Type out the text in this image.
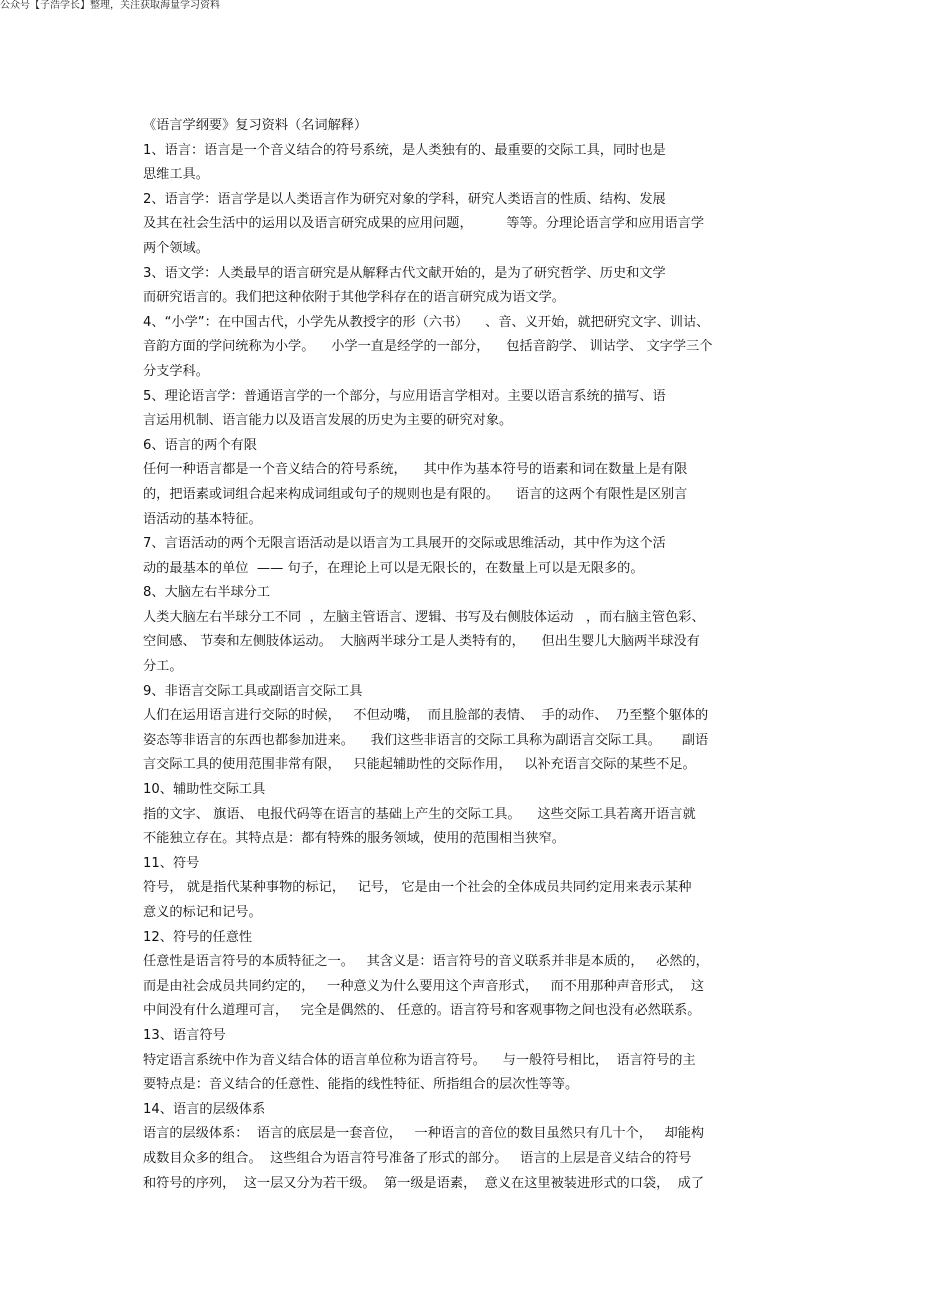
公众号【子浩学长】整理，关注获取海量学习资料
《语言学纲要》复习资料（名词解释）

1、语言：语言是一个音义结合的符号系统，是人类独有的、最重要的交际工具，同时也是

思维工具。

2、语言学：语言学是以人类语言作为研究对象的学科，研究人类语言的性质、结构、发展

及其在社会生活中的运用以及语言研究成果的应用问题，        等等。分理论语言学和应用语言学

两个领域。

3、语文学：人类最早的语言研究是从解释古代文献开始的，是为了研究哲学、历史和文学

而研究语言的。我们把这种依附于其他学科存在的语言研究成为语文学。

4、“小学”：在中国古代，小学先从教授字的形（六书）    、音、义开始，就把研究文字、训诂、

音韵方面的学问统称为小学。    小学一直是经学的一部分，    包括音韵学、 训诂学、 文字学三个

分支学科。

5、理论语言学：普通语言学的一个部分，与应用语言学相对。主要以语言系统的描写、语

言运用机制、语言能力以及语言发展的历史为主要的研究对象。

6、语言的两个有限

任何一种语言都是一个音义结合的符号系统，    其中作为基本符号的语素和词在数量上是有限

的，把语素或词组合起来构成词组或句子的规则也是有限的。    语言的这两个有限性是区别言

语活动的基本特征。

7、言语活动的两个无限言语活动是以语言为工具展开的交际或思维活动，其中作为这个活

动的最基本的单位  —— 句子，在理论上可以是无限长的，在数量上可以是无限多的。

8、大脑左右半球分工

人类大脑左右半球分工不同  ，左脑主管语言、逻辑、书写及右侧肢体运动   ，而右脑主管色彩、

空间感、 节奏和左侧肢体运动。  大脑两半球分工是人类特有的，    但出生婴儿大脑两半球没有

分工。

9、非语言交际工具或副语言交际工具

人们在运用语言进行交际的时候，   不但动嘴，  而且脸部的表情、  手的动作、  乃至整个躯体的

姿态等非语言的东西也都参加进来。    我们这些非语言的交际工具称为副语言交际工具。     副语

言交际工具的使用范围非常有限，   只能起辅助性的交际作用，   以补充语言交际的某些不足。

10、辅助性交际工具

指的文字、 旗语、 电报代码等在语言的基础上产生的交际工具。    这些交际工具若离开语言就

不能独立存在。其特点是：都有特殊的服务领域，使用的范围相当狭窄。

11、符号

符号， 就是指代某种事物的标记，   记号， 它是由一个社会的全体成员共同约定用来表示某种

意义的标记和记号。

12、符号的任意性

任意性是语言符号的本质特征之一。   其含义是：语言符号的音义联系并非是本质的，   必然的，

而是由社会成员共同约定的，   一种意义为什么要用这个声音形式，   而不用那种声音形式，  这

中间没有什么道理可言，   完全是偶然的、 任意的。语言符号和客观事物之间也没有必然联系。

13、语言符号

特定语言系统中作为音义结合体的语言单位称为语言符号。    与一般符号相比，  语言符号的主

要特点是：音义结合的任意性、能指的线性特征、所指组合的层次性等等。

14、语言的层级体系

语言的层级体系：  语言的底层是一套音位，   一种语言的音位的数目虽然只有几十个，   却能构

成数目众多的组合。  这些组合为语言符号准备了形式的部分。   语言的上层是音义结合的符号

和符号的序列，  这一层又分为若干级。  第一级是语素，  意义在这里被装进形式的口袋，  成了
